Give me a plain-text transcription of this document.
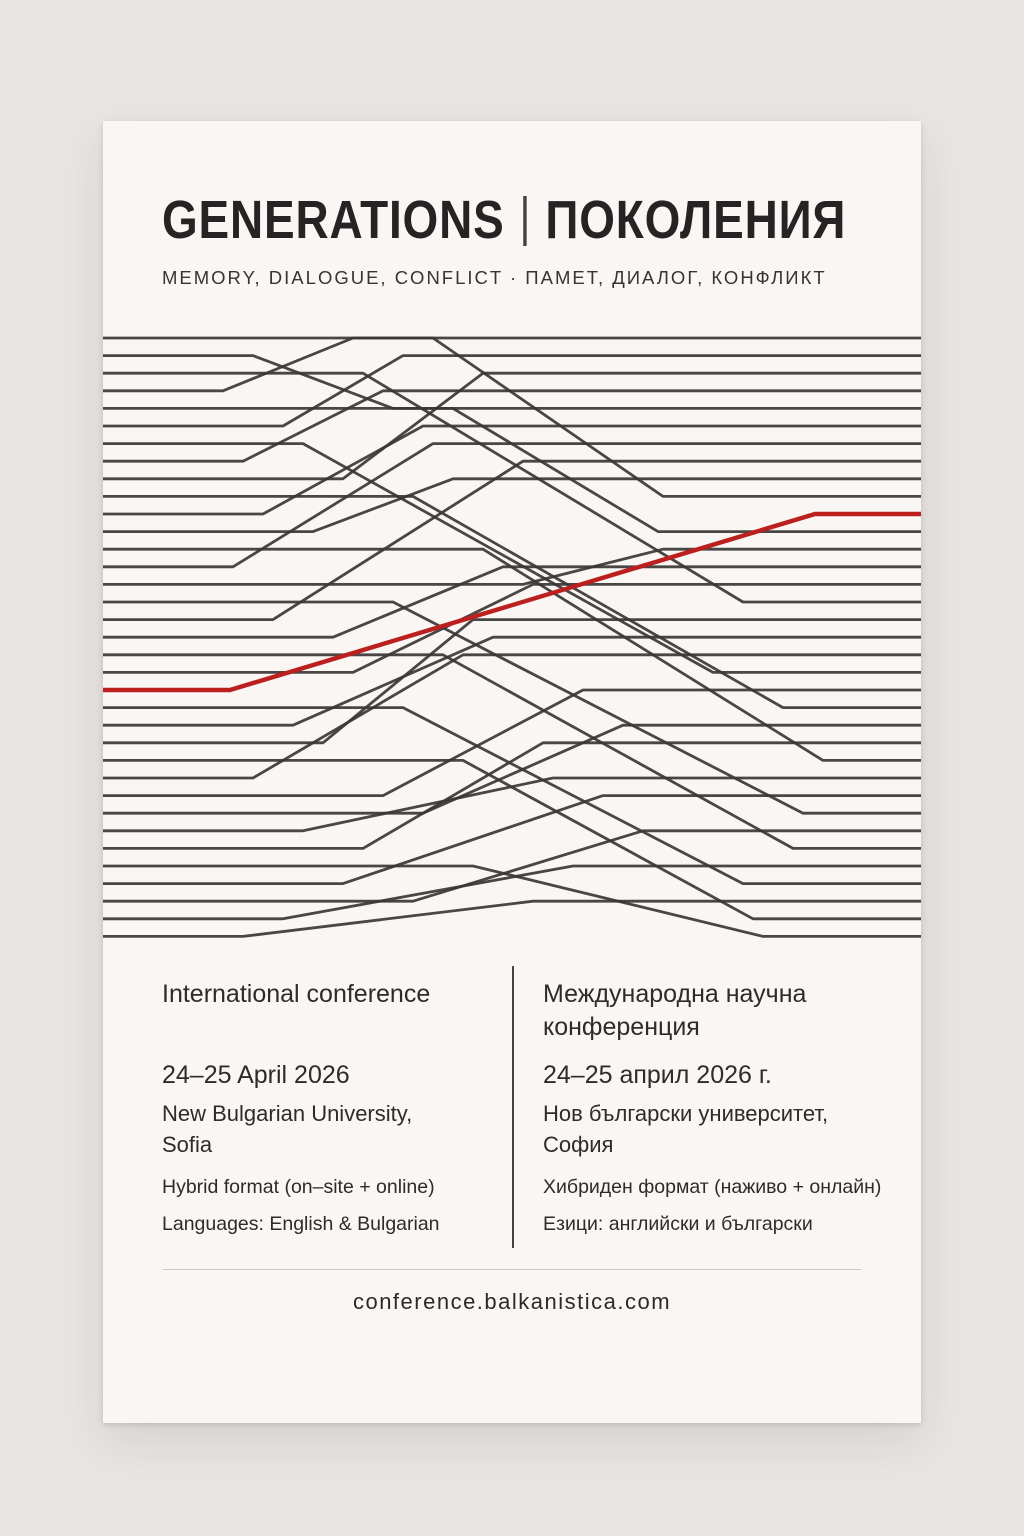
GENERATIONS ПОКОЛЕНИЯ
MEMORY, DIALOGUE, CONFLICT · ПАМЕТ, ДИАЛОГ, КОНФЛИКТ
International conference
24–25 April 2026
New Bulgarian University,
Sofia
Hybrid format (on–site + online)
Languages: English & Bulgarian
Международна научна конференция
24–25 април 2026 г.
Нов български университет,
София
Хибриден формат (наживо + онлайн)
Езици: английски и български
conference.balkanistica.com
